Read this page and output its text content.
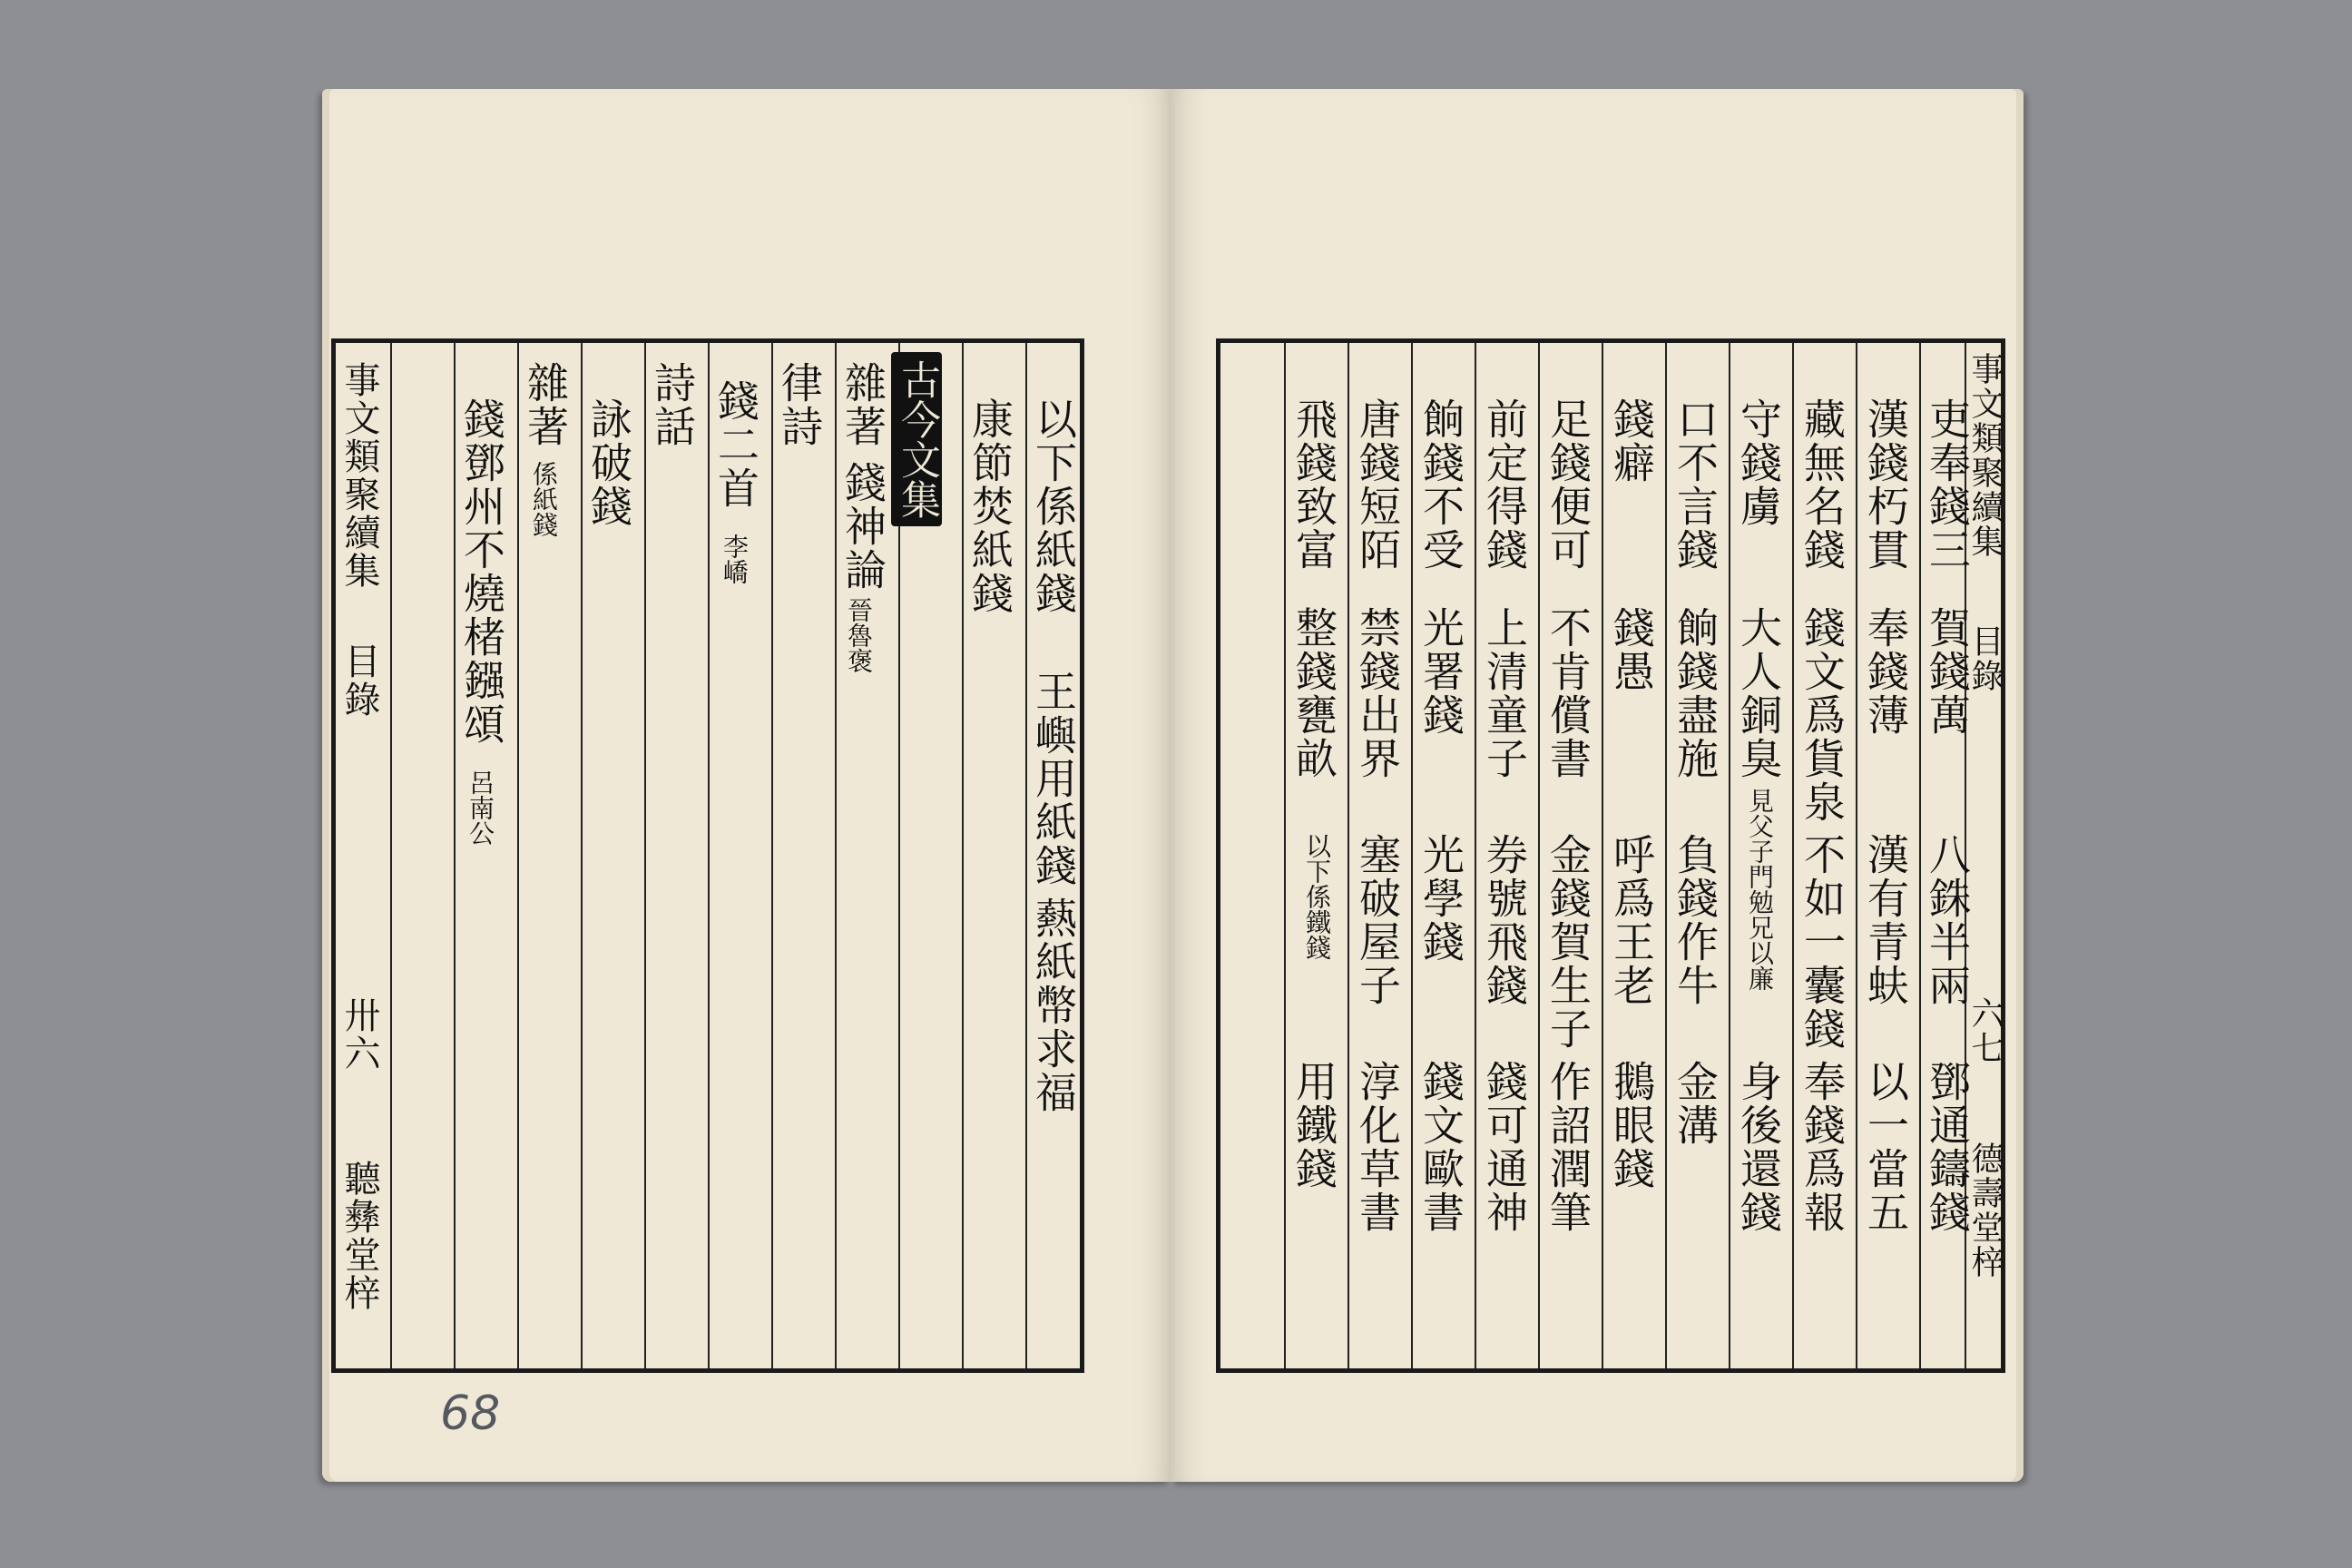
事文類聚續集
目錄
卅六
聽彝堂梓
以下係紙錢
王嶼用紙錢
爇紙幣求福
古今文集 康節焚紙錢
雜著
錢神論
晉魯褒
律詩
錢二首
李嶠
詩話
詠破錢
雜著
係紙錢
錢鄧州不燒楮鏹頌
呂南公
68
事文類聚續集
目錄
六七
德壽堂梓
吏奉錢三
賀錢萬
八銖半兩
鄧通鑄錢
漢錢朽貫
奉錢薄
漢有青蚨
以一當五
藏無名錢
錢文爲貨泉
不如一囊錢
奉錢爲報
守錢虜
大人銅臭
見父子門勉兄以廉
身後還錢
口不言錢
餉錢盡施
負錢作牛
金溝
錢癖
錢愚
呼爲王老
鵝眼錢
足錢便可
不肯償書
金錢賀生子
作詔潤筆
前定得錢
上清童子
券號飛錢
錢可通神
餉錢不受
光署錢
光學錢
錢文歐書
唐錢短陌
禁錢出界
塞破屋子
淳化草書
飛錢致富
整錢甕畝
以下係鐵錢
用鐵錢
